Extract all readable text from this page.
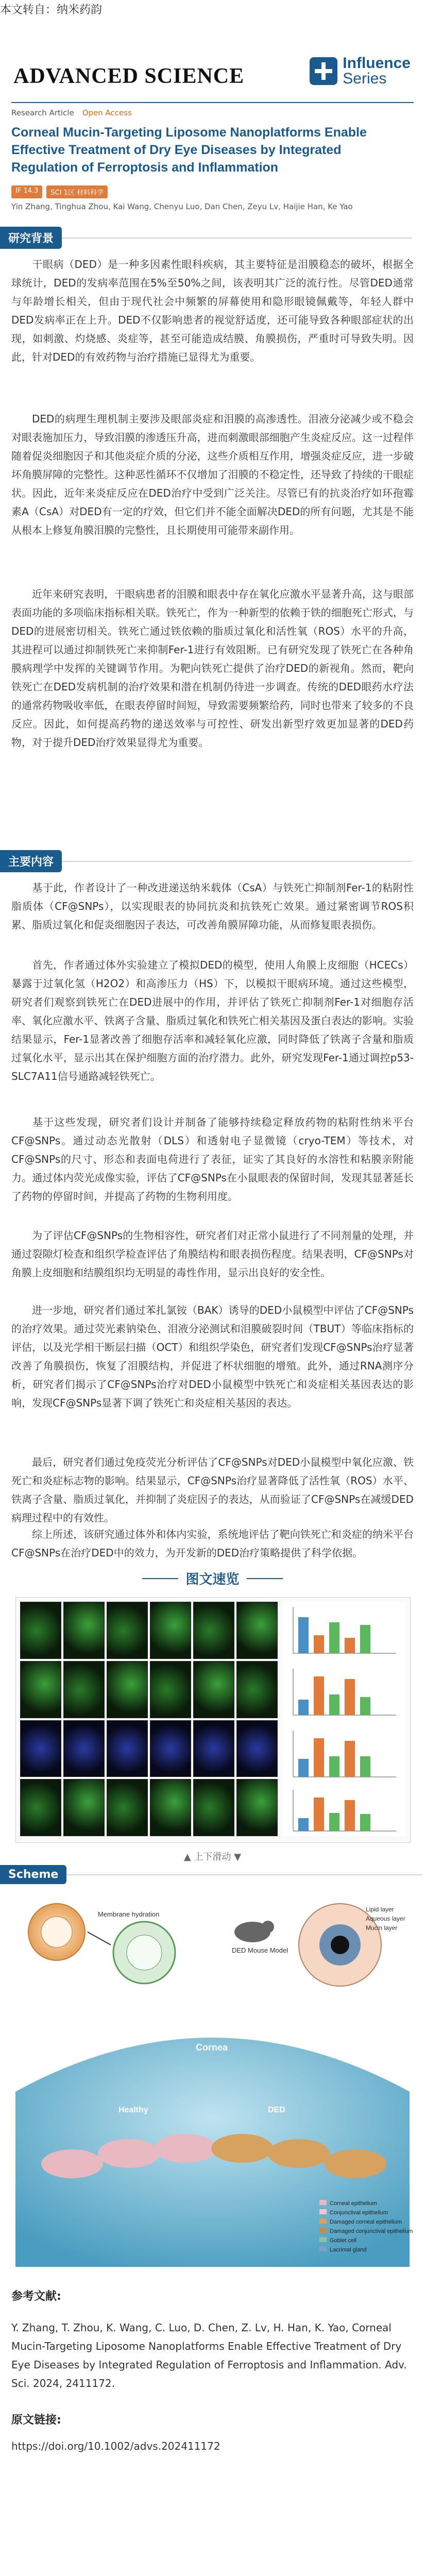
本文转自：纳米药韵
ADVANCED SCIENCE
Influence
Series
Research Article Open Access
Corneal Mucin-Targeting Liposome Nanoplatforms Enable Effective Treatment of Dry Eye Diseases by Integrated Regulation of Ferroptosis and Inflammation
IF 14.3	SCI 1区 材料科学
Yin Zhang, Tinghua Zhou, Kai Wang, Chenyu Luo, Dan Chen, Zeyu Lv, Haijie Han, Ke Yao
研究背景
干眼病（DED）是一种多因素性眼科疾病，其主要特征是泪膜稳态的破坏，根据全球统计，DED的发病率范围在5%至50%之间，该表明其广泛的流行性。尽管DED通常与年龄增长相关，但由于现代社会中频繁的屏幕使用和隐形眼镜佩戴等，年轻人群中DED发病率正在上升。DED不仅影响患者的视觉舒适度，还可能导致各种眼部症状的出现，如刺激、灼烧感、炎症等，甚至可能造成结膜、角膜损伤，严重时可导致失明。因此，针对DED的有效药物与治疗措施已显得尤为重要。
DED的病理生理机制主要涉及眼部炎症和泪膜的高渗透性。泪液分泌减少或不稳会对眼表施加压力，导致泪膜的渗透压升高，进而刺激眼部细胞产生炎症反应。这一过程伴随着促炎细胞因子和其他炎症介质的分泌，这些介质相互作用，增强炎症反应，进一步破坏角膜屏障的完整性。这种恶性循环不仅增加了泪膜的不稳定性，还导致了持续的干眼症状。因此，近年来炎症反应在DED治疗中受到广泛关注。尽管已有的抗炎治疗如环孢霉素A（CsA）对DED有一定的疗效，但它们并不能全面解决DED的所有问题，尤其是不能从根本上修复角膜泪膜的完整性，且长期使用可能带来副作用。
近年来研究表明，干眼病患者的泪膜和眼表中存在氧化应激水平显著升高，这与眼部表面功能的多项临床指标相关联。铁死亡，作为一种新型的依赖于铁的细胞死亡形式，与DED的进展密切相关。铁死亡通过铁依赖的脂质过氧化和活性氧（ROS）水平的升高，其进程可以通过抑制铁死亡来抑制Fer-1进行有效阻断。已有研究发现了铁死亡在各种角膜病理学中发挥的关键调节作用。为靶向铁死亡提供了治疗DED的新视角。然而，靶向铁死亡在DED发病机制的治疗效果和潜在机制仍待进一步调查。传统的DED眼药水疗法的通常药物吸收率低，在眼表停留时间短，导致需要频繁给药，同时也带来了较多的不良反应。因此，如何提高药物的递送效率与可控性、研发出新型疗效更加显著的DED药物，对于提升DED治疗效果显得尤为重要。
主要内容
基于此，作者设计了一种改进递送纳米载体（CsA）与铁死亡抑制剂Fer-1的粘附性脂质体（CF@SNPs），以实现眼表的协同抗炎和抗铁死亡效果。通过紧密调节ROS积累、脂质过氧化和促炎细胞因子表达，可改善角膜屏障功能，从而修复眼表损伤。
首先，作者通过体外实验建立了模拟DED的模型，使用人角膜上皮细胞（HCECs）暴露于过氧化氢（H2O2）和高渗压力（HS）下，以模拟干眼病环境。通过这些模型，研究者们观察到铁死亡在DED进展中的作用，并评估了铁死亡抑制剂Fer-1对细胞存活率、氧化应激水平、铁离子含量、脂质过氧化和铁死亡相关基因及蛋白表达的影响。实验结果显示，Fer-1显著改善了细胞存活率和减轻氧化应激，同时降低了铁离子含量和脂质过氧化水平，显示出其在保护细胞方面的治疗潜力。此外，研究发现Fer-1通过调控p53-SLC7A11信号通路减轻铁死亡。
基于这些发现，研究者们设计并制备了能够持续稳定释放药物的粘附性纳米平台CF@SNPs。通过动态光散射（DLS）和透射电子显微镜（cryo-TEM）等技术，对CF@SNPs的尺寸、形态和表面电荷进行了表征，证实了其良好的水溶性和粘膜亲附能力。通过体内荧光成像实验，评估了CF@SNPs在小鼠眼表的保留时间，发现其显著延长了药物的停留时间，并提高了药物的生物利用度。
为了评估CF@SNPs的生物相容性，研究者们对正常小鼠进行了不同剂量的处理，并通过裂隙灯检查和组织学检查评估了角膜结构和眼表损伤程度。结果表明，CF@SNPs对角膜上皮细胞和结膜组织均无明显的毒性作用，显示出良好的安全性。
进一步地，研究者们通过苯扎氯铵（BAK）诱导的DED小鼠模型中评估了CF@SNPs的治疗效果。通过荧光素钠染色、泪液分泌测试和泪膜破裂时间（TBUT）等临床指标的评估，以及光学相干断层扫描（OCT）和组织学染色，研究者们发现CF@SNPs治疗显著改善了角膜损伤，恢复了泪膜结构，并促进了杯状细胞的增殖。此外，通过RNA测序分析，研究者们揭示了CF@SNPs治疗对DED小鼠模型中铁死亡和炎症相关基因表达的影响，发现CF@SNPs显著下调了铁死亡和炎症相关基因的表达。
最后，研究者们通过免疫荧光分析评估了CF@SNPs对DED小鼠模型中氧化应激、铁死亡和炎症标志物的影响。结果显示，CF@SNPs治疗显著降低了活性氧（ROS）水平、铁离子含量、脂质过氧化，并抑制了炎症因子的表达，从而验证了CF@SNPs在减缓DED病理过程中的有效性。
综上所述，该研究通过体外和体内实验，系统地评估了靶向铁死亡和炎症的纳米平台CF@SNPs在治疗DED中的效力，为开发新的DED治疗策略提供了科学依据。
图文速览
▲ 上下滑动 ▼
Scheme
Membrane hydration
DED Mouse Model
Lipid layer
Aqueous layer
Mucin layer
Cornea
Healthy	DED
Corneal epithelium
Conjunctival epithelium
Damaged corneal epithelium
Damaged conjunctival epithelium
Goblet cell
Lacrimal gland
参考文献:
Y. Zhang, T. Zhou, K. Wang, C. Luo, D. Chen, Z. Lv, H. Han, K. Yao, Corneal Mucin-Targeting Liposome Nanoplatforms Enable Effective Treatment of Dry Eye Diseases by Integrated Regulation of Ferroptosis and Inflammation. Adv. Sci. 2024, 2411172.
原文链接:
https://doi.org/10.1002/advs.202411172
